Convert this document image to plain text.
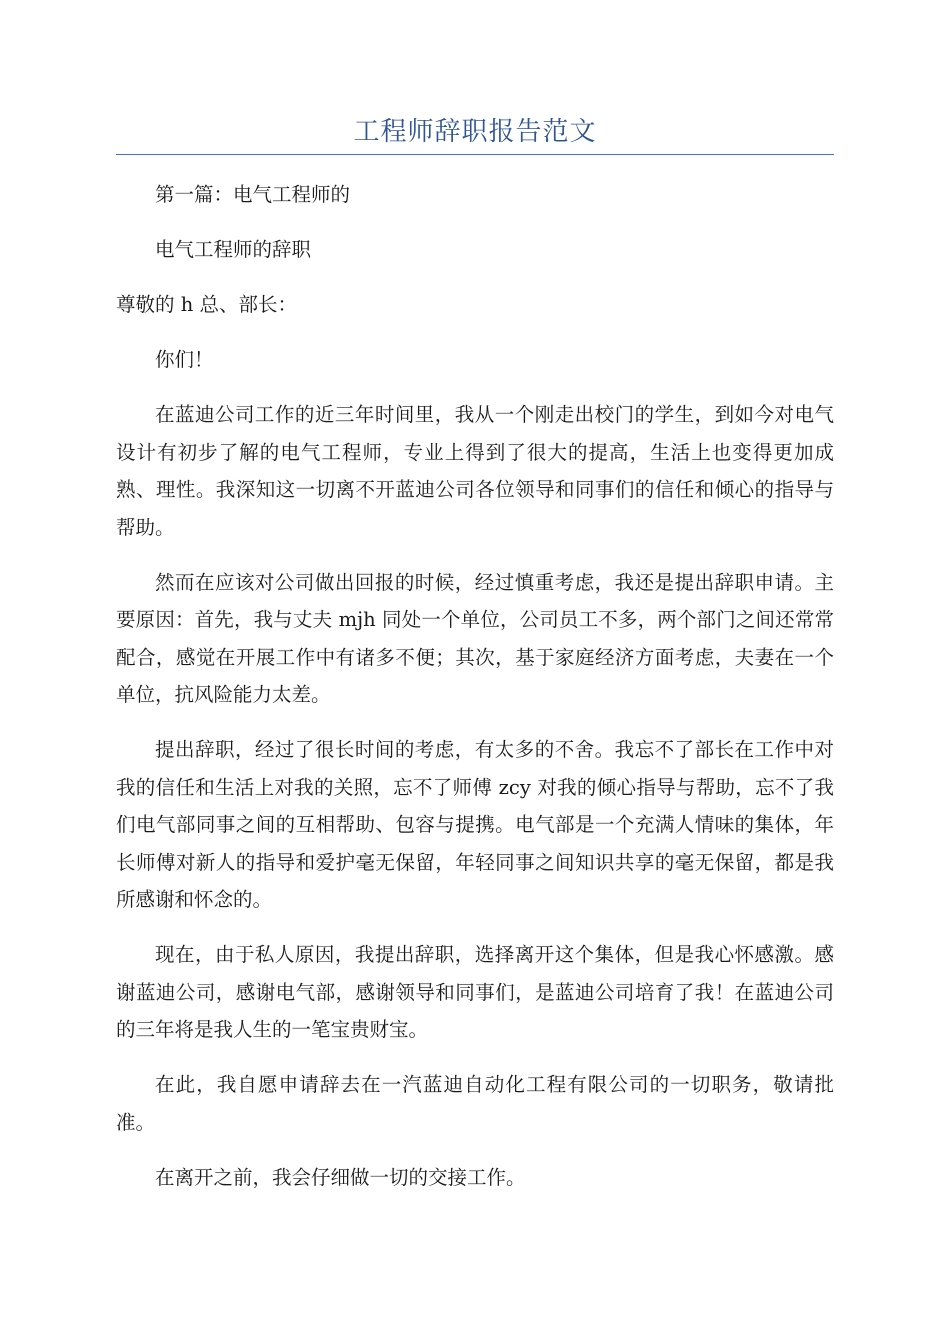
工程师辞职报告范文

第一篇：电气工程师的

电气工程师的辞职

尊敬的 h 总、部长：

你们！

在蓝迪公司工作的近三年时间里，我从一个刚走出校门的学生，到如今对电气设计有初步了解的电气工程师，专业上得到了很大的提高，生活上也变得更加成熟、理性。我深知这一切离不开蓝迪公司各位领导和同事们的信任和倾心的指导与帮助。

然而在应该对公司做出回报的时候，经过慎重考虑，我还是提出辞职申请。主要原因：首先，我与丈夫 mjh 同处一个单位，公司员工不多，两个部门之间还常常配合，感觉在开展工作中有诸多不便；其次，基于家庭经济方面考虑，夫妻在一个单位，抗风险能力太差。

提出辞职，经过了很长时间的考虑，有太多的不舍。我忘不了部长在工作中对我的信任和生活上对我的关照，忘不了师傅 zcy 对我的倾心指导与帮助，忘不了我们电气部同事之间的互相帮助、包容与提携。电气部是一个充满人情味的集体，年长师傅对新人的指导和爱护毫无保留，年轻同事之间知识共享的毫无保留，都是我所感谢和怀念的。

现在，由于私人原因，我提出辞职，选择离开这个集体，但是我心怀感激。感谢蓝迪公司，感谢电气部，感谢领导和同事们，是蓝迪公司培育了我！在蓝迪公司的三年将是我人生的一笔宝贵财宝。

在此，我自愿申请辞去在一汽蓝迪自动化工程有限公司的一切职务，敬请批准。

在离开之前，我会仔细做一切的交接工作。
